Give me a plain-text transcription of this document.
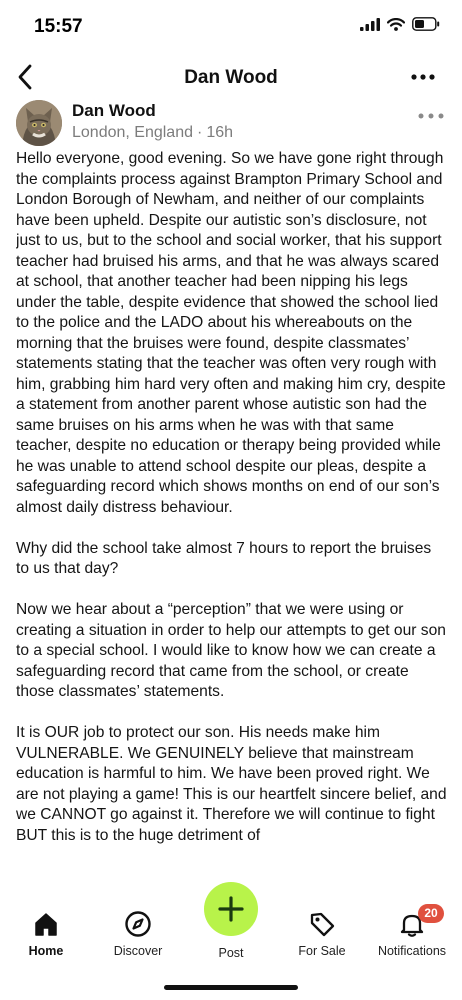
15:57
Dan Wood
Dan Wood
London, England · 16h

Hello everyone, good evening. So we have gone right through the complaints process against Brampton Primary School and London Borough of Newham, and neither of our complaints have been upheld. Despite our autistic son’s disclosure, not just to us, but to the school and social worker, that his support teacher had bruised his arms, and that he was always scared at school, that another teacher had been nipping his legs under the table, despite evidence that showed the school lied to the police and the LADO about his whereabouts on the morning that the bruises were found, despite classmates’ statements stating that the teacher was often very rough with him, grabbing him hard very often and making him cry, despite a statement from another parent whose autistic son had the same bruises on his arms when he was with that same teacher, despite no education or therapy being provided while he was unable to attend school despite our pleas, despite a safeguarding record which shows months on end of our son’s almost daily distress behaviour.

Why did the school take almost 7 hours to report the bruises to us that day?

Now we hear about a “perception” that we were using or creating a situation in order to help our attempts to get our son to a special school. I would like to know how we can create a safeguarding record that came from the school, or create those classmates’ statements.

It is OUR job to protect our son. His needs make him VULNERABLE. We GENUINELY believe that mainstream education is harmful to him. We have been proved right. We are not playing a game! This is our heartfelt sincere belief, and we CANNOT go against it. Therefore we will continue to fight BUT this is to the huge detriment of

Home	Discover	Post	For Sale
20
Notifications
